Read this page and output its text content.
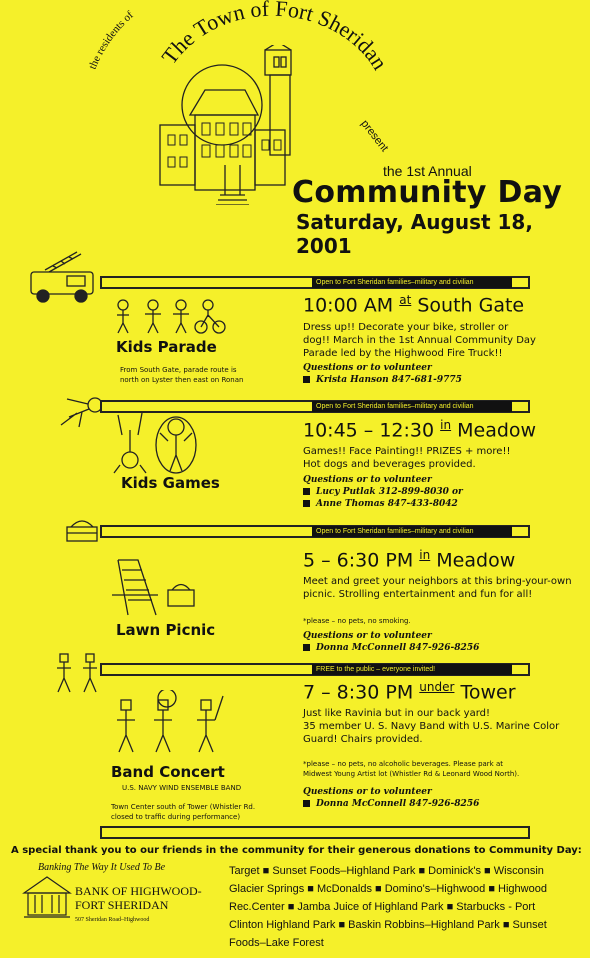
the residents of
The Town of Fort Sheridan
present
the 1st Annual
Community Day
Saturday, August 18, 2001
Open to Fort Sheridan families–military and civilian
Kids Parade
From South Gate, parade route is
north on Lyster then east on Ronan
10:00 AM $^{at}$ South Gate
Dress up!! Decorate your bike, stroller or
dog!! March in the 1st Annual Community Day
Parade led by the Highwood Fire Truck!!
Questions or to volunteer
Krista Hanson 847-681-9775
Open to Fort Sheridan families–military and civilian
Kids Games
10:45 – 12:30 $^{in}$ Meadow
Games!! Face Painting!! PRIZES + more!!
Hot dogs and beverages provided.
Questions or to volunteer
Lucy Putlak 312-899-8030 or
Anne Thomas 847-433-8042
Open to Fort Sheridan families–military and civilian
Lawn Picnic
5 – 6:30 PM $^{in}$ Meadow
Meet and greet your neighbors at this bring-your-own
picnic. Strolling entertainment and fun for all!
*please – no pets, no smoking.
Questions or to volunteer
Donna McConnell 847-926-8256
FREE to the public – everyone invited!
Band Concert
U.S. NAVY WIND ENSEMBLE BAND
Town Center south of Tower (Whistler Rd.
closed to traffic during performance)
7 – 8:30 PM $^{under}$ Tower
Just like Ravinia but in our back yard!
35 member U. S. Navy Band with U.S. Marine Color
Guard! Chairs provided.
*please – no pets, no alcoholic beverages. Please park at
Midwest Young Artist lot (Whistler Rd & Leonard Wood North).
Questions or to volunteer
Donna McConnell 847-926-8256
A special thank you to our friends in the community for their generous donations to Community Day:
Banking The Way It Used To Be
BANK OF HIGHWOOD-
FORT SHERIDAN
507 Sheridan Road–Highwood
Target ■ Sunset Foods–Highland Park ■ Dominick's ■ Wisconsin
Glacier Springs ■ McDonalds ■ Domino's–Highwood ■ Highwood
Rec.Center ■ Jamba Juice of Highland Park ■ Starbucks - Port
Clinton Highland Park ■ Baskin Robbins–Highland Park ■ Sunset
Foods–Lake Forest
